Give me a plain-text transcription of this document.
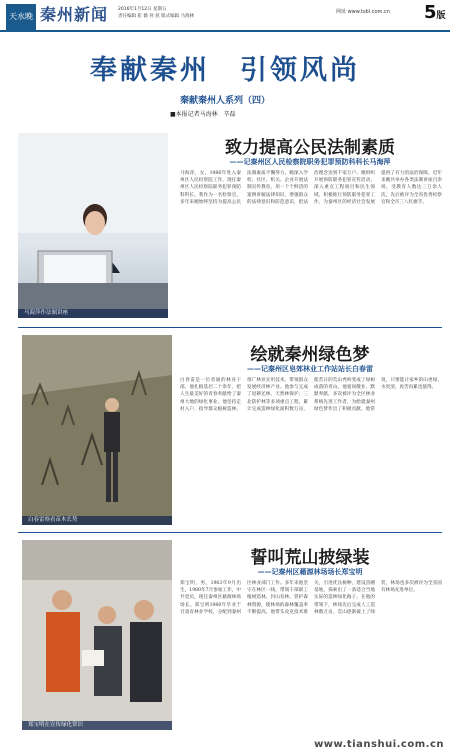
天水晚报
秦州新闻 2016年1月12日 星期五
责任编辑 崔 薇 何 炫 版式编辑 马海林
网址 www.tsbl.com.cn 5版
奉献秦州　引领风尚
秦献秦州人系列（四）
■本报记者马海林　辛磊
马海萍作法制讲座
致力提高公民法制素质
——记秦州区人民检察院职务犯罪预防科科长马海萍
马海萍，女，1986年进入秦州区人民检察院工作，现任秦州区人民检察院职务犯罪预防科科长。我作为一名检察官，多年来她始终坚持为提高公民法制素质不懈努力。她深入学校、社区、机关、企业开展法制宣传教育，用一个个鲜活的案例讲解法律知识，增强群众的法律意识和防范意识，把法治理念送到千家万户。她组织开展预防职务犯罪宣传活动，深入重点工程项目和民生领域，积极推行预防职务犯罪工作，为秦州区的经济社会发展提供了有力的法治保障。近年来她共举办各类法制讲座百余场，受教育人数达三万余人次，先后被评为全省优秀检察官和全市三八红旗手。
绘就秦州绿色梦
——记秦州区皂郊林业工作站站长白春雷
白春雷察看苗木长势
白春雷是一位普通的林业干部，他扎根基层二十余年，把人生最美好的青春奉献给了秦州大地的绿化事业。他坚持走村入户，指导群众植树造林，推广林业实用技术，带领群众发展经济林产业。他参与完成了退耕还林、天然林保护、三北防护林等多项重点工程，累计完成造林绿化面积数万亩，使昔日的荒山秃岭变成了绿树成荫的青山。他爱岗敬业、默默奉献，多次被评为全区林业系统先进工作者，为绘就秦州绿色梦作出了积极贡献。他常说，只要能让家乡的山更绿、水更清，再苦再累也值得。
誓叫荒山披绿装
——记秦州区藉源林场场长郑宝明
郑宝明在宣传绿化常识
郑宝明，男，1963年9月出生，1980年7月参加工作，中共党员，现任秦州区藉源林场场长。郑宝明1980年毕业于甘肃省林业学校，分配到秦州区林业部门工作。多年来他坚守在林区一线，带领干部职工植树造林、封山育林、管护森林资源，使林场的森林覆盖率不断提高。他带头攻克技术难关，引进优良树种，建设苗圃基地，探索出了一条适合当地实际的造林绿化路子。在他的带领下，林场先后完成人工造林数万亩，荒山逐渐披上了绿装，林场也多次被评为全省国有林场先进单位。
www.tianshui.com.cn
